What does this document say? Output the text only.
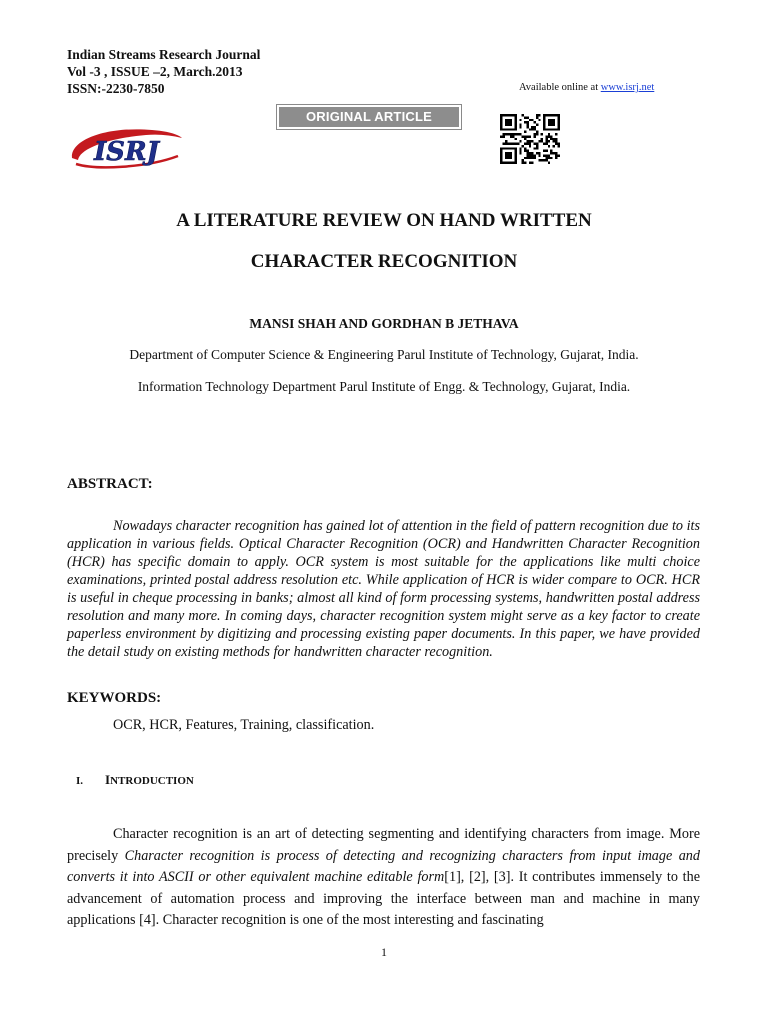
Indian Streams Research Journal
Vol -3 , ISSUE –2, March.2013
ISSN:-2230-7850	Available online at www.isrj.net
ORIGINAL ARTICLE
ISRJ
A LITERATURE REVIEW ON HAND WRITTEN
CHARACTER RECOGNITION
MANSI SHAH AND GORDHAN B JETHAVA
Department of Computer Science & Engineering Parul Institute of Technology, Gujarat, India.
Information Technology Department Parul Institute of Engg. & Technology, Gujarat, India.
ABSTRACT:

Nowadays character recognition has gained lot of attention in the field of pattern recognition due to its application in various fields. Optical Character Recognition (OCR) and Handwritten Character Recognition (HCR) has specific domain to apply. OCR system is most suitable for the applications like multi choice examinations, printed postal address resolution etc. While application of HCR is wider compare to OCR. HCR is useful in cheque processing in banks; almost all kind of form processing systems, handwritten postal address resolution and many more. In coming days, character recognition system might serve as a key factor to create paperless environment by digitizing and processing existing paper documents. In this paper, we have provided the detail study on existing methods for handwritten character recognition.

KEYWORDS:
OCR, HCR, Features, Training, classification.
I. INTRODUCTION

Character recognition is an art of detecting segmenting and identifying characters from image. More precisely Character recognition is process of detecting and recognizing characters from input image and converts it into ASCII or other equivalent machine editable form[1], [2], [3]. It contributes immensely to the advancement of automation process and improving the interface between man and machine in many applications [4]. Character recognition is one of the most interesting and fascinating

1
